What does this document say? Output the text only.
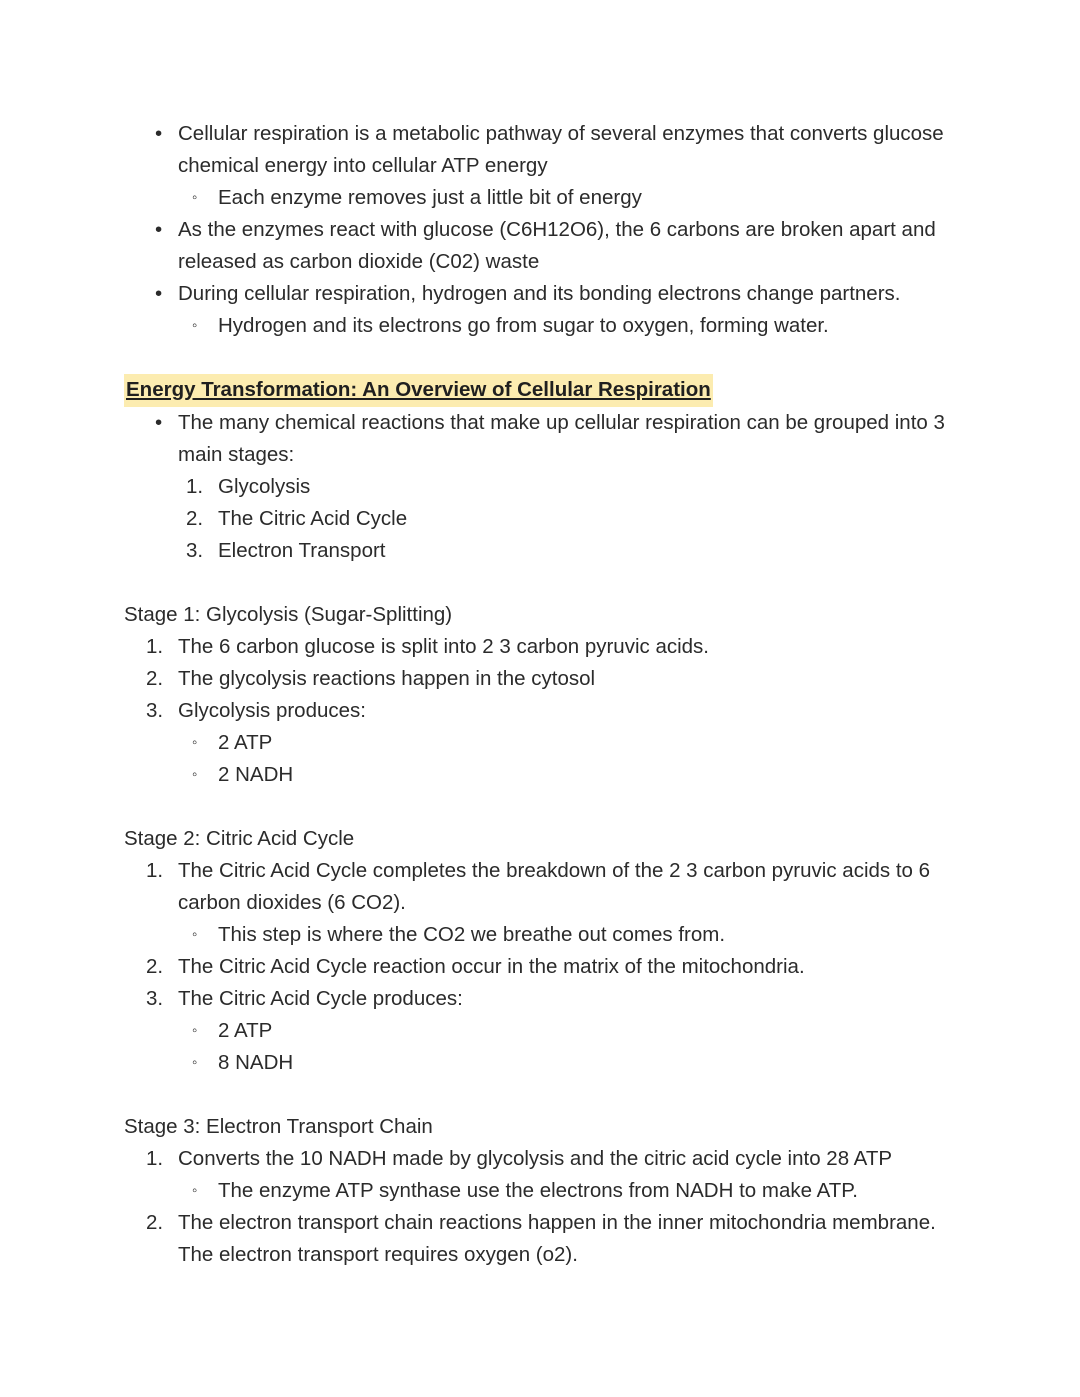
• Cellular respiration is a metabolic pathway of several enzymes that converts glucose chemical energy into cellular ATP energy
◦ Each enzyme removes just a little bit of energy
• As the enzymes react with glucose (C6H12O6), the 6 carbons are broken apart and released as carbon dioxide (C02) waste
• During cellular respiration, hydrogen and its bonding electrons change partners.
◦ Hydrogen and its electrons go from sugar to oxygen, forming water.
Energy Transformation: An Overview of Cellular Respiration
• The many chemical reactions that make up cellular respiration can be grouped into 3 main stages:
1. Glycolysis
2. The Citric Acid Cycle
3. Electron Transport
Stage 1: Glycolysis (Sugar-Splitting)
1. The 6 carbon glucose is split into 2 3 carbon pyruvic acids.
2. The glycolysis reactions happen in the cytosol
3. Glycolysis produces:
◦ 2 ATP
◦ 2 NADH
Stage 2: Citric Acid Cycle
1. The Citric Acid Cycle completes the breakdown of the 2 3 carbon pyruvic acids to 6 carbon dioxides (6 CO2).
◦ This step is where the CO2 we breathe out comes from.
2. The Citric Acid Cycle reaction occur in the matrix of the mitochondria.
3. The Citric Acid Cycle produces:
◦ 2 ATP
◦ 8 NADH
Stage 3: Electron Transport Chain
1. Converts the 10 NADH made by glycolysis and the citric acid cycle into 28 ATP
◦ The enzyme ATP synthase use the electrons from NADH to make ATP.
2. The electron transport chain reactions happen in the inner mitochondria membrane. The electron transport requires oxygen (o2).
